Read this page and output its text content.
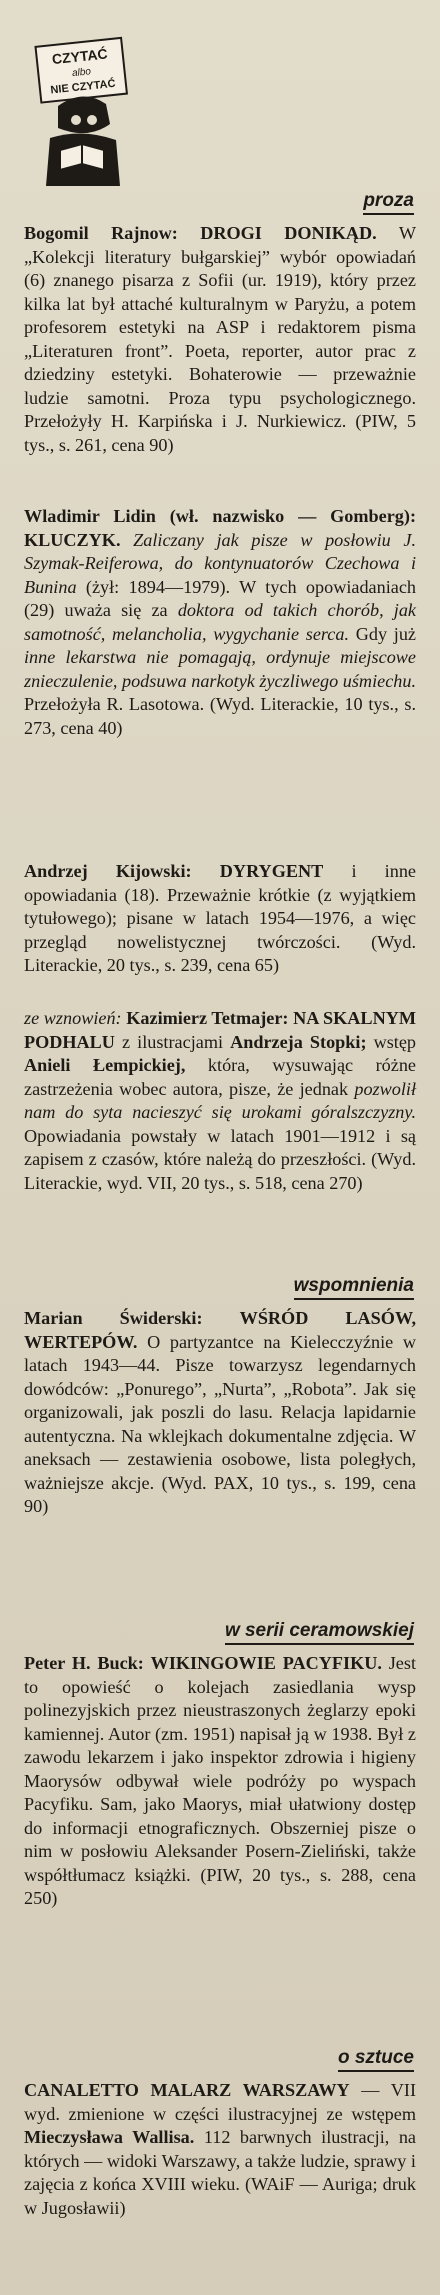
CZYTAĆ
albo
NIE CZYTAĆ
proza
Bogomil Rajnow: DROGI DONIKĄD. W „Kolekcji literatury bułgarskiej” wybór opowiadań (6) znanego pisarza z Sofii (ur. 1919), który przez kilka lat był attaché kulturalnym w Paryżu, a potem profesorem estetyki na ASP i redaktorem pisma „Literaturen front”. Poeta, reporter, autor prac z dziedziny estetyki. Bohaterowie — przeważnie ludzie samotni. Proza typu psychologicznego. Przełożyły H. Karpińska i J. Nurkiewicz. (PIW, 5 tys., s. 261, cena 90)
Wladimir Lidin (wł. nazwisko — Gomberg): KLUCZYK. Zaliczany jak pisze w posłowiu J. Szymak-Reiferowa, do kontynuatorów Czechowa i Bunina (żył: 1894—1979). W tych opowiadaniach (29) uważa się za doktora od takich chorób, jak samotność, melancholia, wygychanie serca. Gdy już inne lekarstwa nie pomagają, ordynuje miejscowe znieczulenie, podsuwa narkotyk życzliwego uśmiechu. Przełożyła R. Lasotowa. (Wyd. Literackie, 10 tys., s. 273, cena 40)
Andrzej Kijowski: DYRYGENT i inne opowiadania (18). Przeważnie krótkie (z wyjątkiem tytułowego); pisane w latach 1954—1976, a więc przegląd nowelistycznej twórczości. (Wyd. Literackie, 20 tys., s. 239, cena 65)
ze wznowień: Kazimierz Tetmajer: NA SKALNYM PODHALU z ilustracjami Andrzeja Stopki; wstęp Anieli Łempickiej, która, wysuwając różne zastrzeżenia wobec autora, pisze, że jednak pozwolił nam do syta nacieszyć się urokami góralszczyzny. Opowiadania powstały w latach 1901—1912 i są zapisem z czasów, które należą do przeszłości. (Wyd. Literackie, wyd. VII, 20 tys., s. 518, cena 270)
wspomnienia
Marian Świderski: WŚRÓD LASÓW, WERTEPÓW. O partyzantce na Kielecczyźnie w latach 1943—44. Pisze towarzysz legendarnych dowódców: „Ponurego”, „Nurta”, „Robota”. Jak się organizowali, jak poszli do lasu. Relacja lapidarnie autentyczna. Na wklejkach dokumentalne zdjęcia. W aneksach — zestawienia osobowe, lista poległych, ważniejsze akcje. (Wyd. PAX, 10 tys., s. 199, cena 90)
w serii ceramowskiej
Peter H. Buck: WIKINGOWIE PACYFIKU. Jest to opowieść o kolejach zasiedlania wysp polinezyjskich przez nieustraszonych żeglarzy epoki kamiennej. Autor (zm. 1951) napisał ją w 1938. Był z zawodu lekarzem i jako inspektor zdrowia i higieny Maorysów odbywał wiele podróży po wyspach Pacyfiku. Sam, jako Maorys, miał ułatwiony dostęp do informacji etnograficznych. Obszerniej pisze o nim w posłowiu Aleksander Posern-Zieliński, także współtłumacz książki. (PIW, 20 tys., s. 288, cena 250)
o sztuce
CANALETTO MALARZ WARSZAWY — VII wyd. zmienione w części ilustracyjnej ze wstępem Mieczysława Wallisa. 112 barwnych ilustracji, na których — widoki Warszawy, a także ludzie, sprawy i zajęcia z końca XVIII wieku. (WAiF — Auriga; druk w Jugosławii)
